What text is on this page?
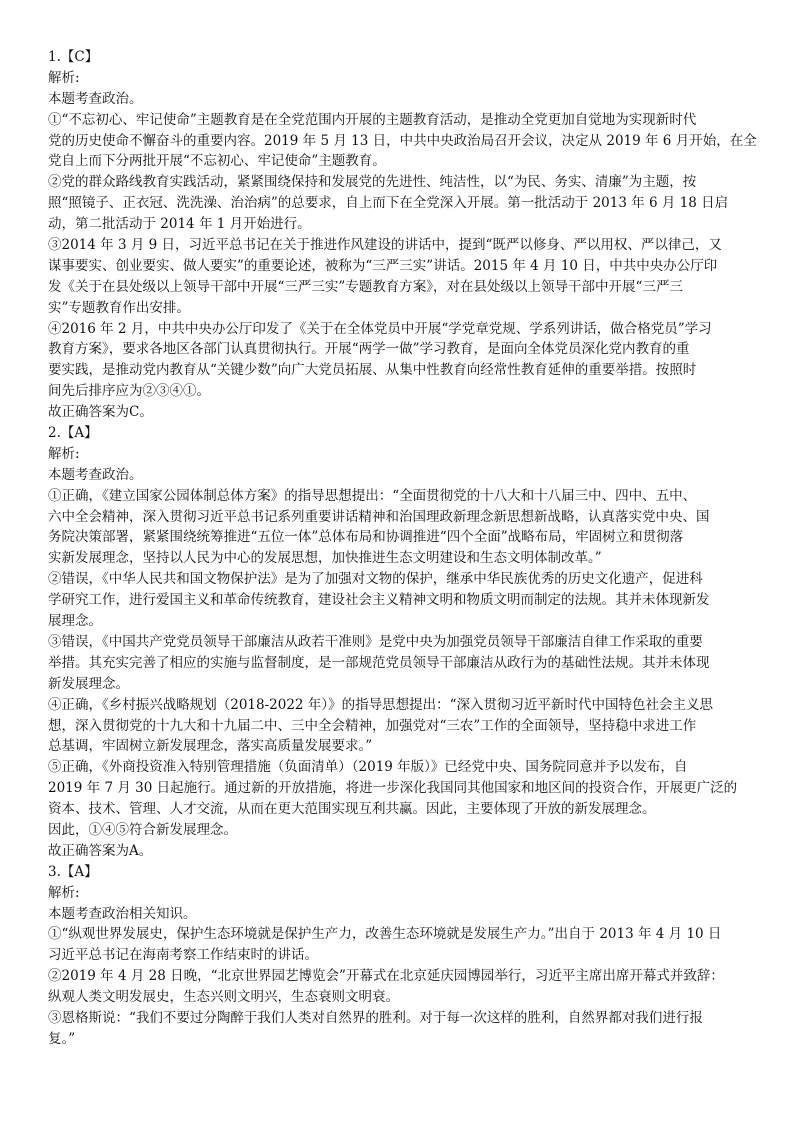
1.【C】
解析:
本题考查政治。
①“不忘初心、牢记使命”主题教育是在全党范围内开展的主题教育活动，是推动全党更加自觉地为实现新时代
党的历史使命不懈奋斗的重要内容。2019 年 5 月 13 日，中共中央政治局召开会议，决定从 2019 年 6 月开始，在全
党自上而下分两批开展“不忘初心、牢记使命”主题教育。
②党的群众路线教育实践活动，紧紧围绕保持和发展党的先进性、纯洁性，以“为民、务实、清廉”为主题，按
照“照镜子、正衣冠、洗洗澡、治治病”的总要求，自上而下在全党深入开展。第一批活动于 2013 年 6 月 18 日启
动，第二批活动于 2014 年 1 月开始进行。
③2014 年 3 月 9 日，习近平总书记在关于推进作风建设的讲话中，提到“既严以修身、严以用权、严以律己，又
谋事要实、创业要实、做人要实”的重要论述，被称为“三严三实”讲话。2015 年 4 月 10 日，中共中央办公厅印
发《关于在县处级以上领导干部中开展“三严三实”专题教育方案》，对在县处级以上领导干部中开展“三严三
实”专题教育作出安排。
④2016 年 2 月，中共中央办公厅印发了《关于在全体党员中开展“学党章党规、学系列讲话，做合格党员”学习
教育方案》，要求各地区各部门认真贯彻执行。开展“两学一做”学习教育，是面向全体党员深化党内教育的重
要实践，是推动党内教育从“关键少数”向广大党员拓展、从集中性教育向经常性教育延伸的重要举措。按照时
间先后排序应为②③④①。
故正确答案为C。
2.【A】
解析:
本题考查政治。
①正确，《建立国家公园体制总体方案》的指导思想提出：“全面贯彻党的十八大和十八届三中、四中、五中、
六中全会精神，深入贯彻习近平总书记系列重要讲话精神和治国理政新理念新思想新战略，认真落实党中央、国
务院决策部署，紧紧围绕统筹推进“五位一体”总体布局和协调推进“四个全面”战略布局，牢固树立和贯彻落
实新发展理念，坚持以人民为中心的发展思想，加快推进生态文明建设和生态文明体制改革。”
②错误，《中华人民共和国文物保护法》是为了加强对文物的保护，继承中华民族优秀的历史文化遗产，促进科
学研究工作，进行爱国主义和革命传统教育，建设社会主义精神文明和物质文明而制定的法规。其并未体现新发
展理念。
③错误，《中国共产党党员领导干部廉洁从政若干准则》是党中央为加强党员领导干部廉洁自律工作采取的重要
举措。其充实完善了相应的实施与监督制度，是一部规范党员领导干部廉洁从政行为的基础性法规。其并未体现
新发展理念。
④正确，《乡村振兴战略规划（2018-2022 年）》的指导思想提出：“深入贯彻习近平新时代中国特色社会主义思
想，深入贯彻党的十九大和十九届二中、三中全会精神，加强党对“三农”工作的全面领导，坚持稳中求进工作
总基调，牢固树立新发展理念，落实高质量发展要求。”
⑤正确，《外商投资准入特别管理措施（负面清单）（2019 年版）》已经党中央、国务院同意并予以发布，自
2019 年 7 月 30 日起施行。通过新的开放措施，将进一步深化我国同其他国家和地区间的投资合作，开展更广泛的
资本、技术、管理、人才交流，从而在更大范围实现互利共赢。因此，主要体现了开放的新发展理念。
因此，①④⑤符合新发展理念。
故正确答案为A。
3.【A】
解析:
本题考查政治相关知识。
①“纵观世界发展史，保护生态环境就是保护生产力，改善生态环境就是发展生产力。”出自于 2013 年 4 月 10 日
习近平总书记在海南考察工作结束时的讲话。
②2019 年 4 月 28 日晚，“北京世界园艺博览会”开幕式在北京延庆园博园举行，习近平主席出席开幕式并致辞：
纵观人类文明发展史，生态兴则文明兴，生态衰则文明衰。
③恩格斯说：“我们不要过分陶醉于我们人类对自然界的胜利。对于每一次这样的胜利，自然界都对我们进行报
复。”
